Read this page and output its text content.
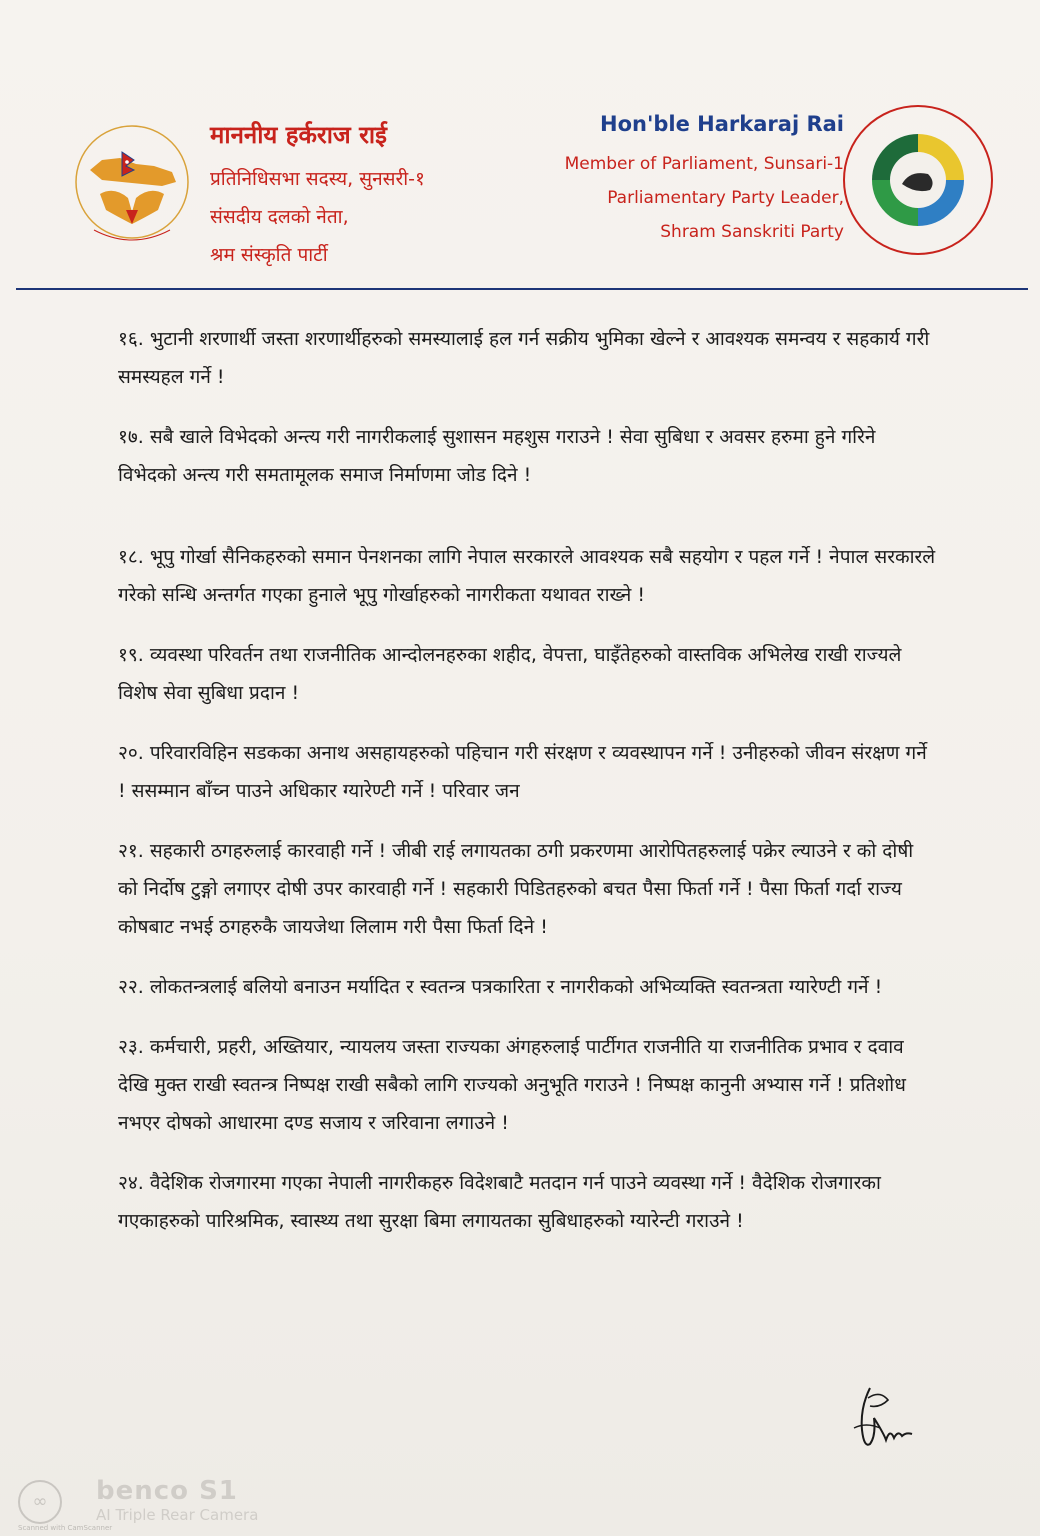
माननीय हर्कराज राई
प्रतिनिधिसभा सदस्य, सुनसरी-१
संसदीय दलको नेता,
श्रम संस्कृति पार्टी
Hon'ble Harkaraj Rai
Member of Parliament, Sunsari-1
Parliamentary Party Leader,
Shram Sanskriti Party

१६. भुटानी शरणार्थी जस्ता शरणार्थीहरुको समस्यालाई हल गर्न सक्रीय भुमिका खेल्ने र आवश्यक समन्वय र सहकार्य गरी समस्यहल गर्ने !

१७. सबै खाले विभेदको अन्त्य गरी नागरीकलाई सुशासन महशुस गराउने ! सेवा सुबिधा र अवसर हरुमा हुने गरिने विभेदको अन्त्य गरी समतामूलक समाज निर्माणमा जोड दिने !

१८. भूपु गोर्खा सैनिकहरुको समान पेनशनका लागि नेपाल सरकारले आवश्यक सबै सहयोग र पहल गर्ने ! नेपाल सरकारले गरेको सन्धि अन्तर्गत गएका हुनाले भूपु गोर्खाहरुको नागरीकता यथावत राख्ने !

१९. व्यवस्था परिवर्तन तथा राजनीतिक आन्दोलनहरुका शहीद, वेपत्ता, घाइँतेहरुको वास्तविक अभिलेख राखी राज्यले विशेष सेवा सुबिधा प्रदान !

२०. परिवारविहिन सडकका अनाथ असहायहरुको पहिचान गरी संरक्षण र व्यवस्थापन गर्ने ! उनीहरुको जीवन संरक्षण गर्ने ! ससम्मान बाँच्न पाउने अधिकार ग्यारेण्टी गर्ने ! परिवार जन

२१. सहकारी ठगहरुलाई कारवाही गर्ने ! जीबी राई लगायतका ठगी प्रकरणमा आरोपितहरुलाई पक्रेर ल्याउने र को दोषी को निर्दोष टुङ्गो लगाएर दोषी उपर कारवाही गर्ने ! सहकारी पिडितहरुको बचत पैसा फिर्ता गर्ने ! पैसा फिर्ता गर्दा राज्य कोषबाट नभई ठगहरुकै जायजेथा लिलाम गरी पैसा फिर्ता दिने !

२२. लोकतन्त्रलाई बलियो बनाउन मर्यादित र स्वतन्त्र पत्रकारिता र नागरीकको अभिव्यक्ति स्वतन्त्रता ग्यारेण्टी गर्ने !

२३. कर्मचारी, प्रहरी, अख्तियार, न्यायलय जस्ता राज्यका अंगहरुलाई पार्टीगत राजनीति या राजनीतिक प्रभाव र दवाव देखि मुक्त राखी स्वतन्त्र निष्पक्ष राखी सबैको लागि राज्यको अनुभूति गराउने ! निष्पक्ष कानुनी अभ्यास गर्ने ! प्रतिशोध नभएर दोषको आधारमा दण्ड सजाय र जरिवाना लगाउने !

२४. वैदेशिक रोजगारमा गएका नेपाली नागरीकहरु विदेशबाटै मतदान गर्न पाउने व्यवस्था गर्ने ! वैदेशिक रोजगारका गएकाहरुको पारिश्रमिक, स्वास्थ्य तथा सुरक्षा बिमा लगायतका सुबिधाहरुको ग्यारेन्टी गराउने !

∞	benco S1
AI Triple Rear Camera
Scanned with CamScanner
